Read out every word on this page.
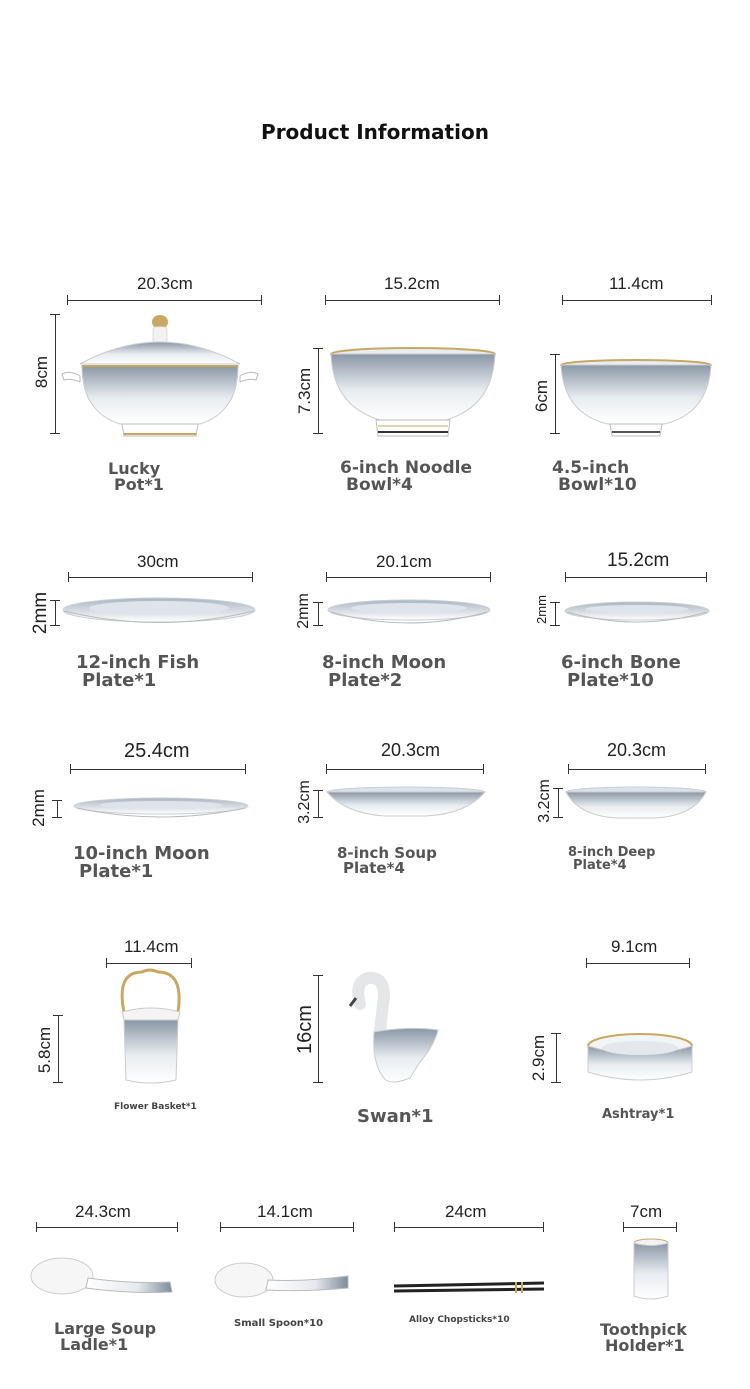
Product Information
20.3cm
8cm
Lucky
Pot*1
15.2cm
7.3cm
6-inch Noodle
Bowl*4
11.4cm
6cm
4.5-inch
Bowl*10
30cm
2mm
12-inch Fish
Plate*1
20.1cm
2mm
8-inch Moon
Plate*2
15.2cm
2mm
6-inch Bone
Plate*10
25.4cm
2mm
10-inch Moon
Plate*1
20.3cm
3.2cm
8-inch Soup
Plate*4
20.3cm
3.2cm
8-inch Deep
Plate*4
11.4cm
5.8cm
Flower Basket*1
16cm
Swan*1
9.1cm
2.9cm
Ashtray*1
24.3cm
Large Soup
Ladle*1
14.1cm
Small Spoon*10
24cm
Alloy Chopsticks*10
7cm
Toothpick
Holder*1
